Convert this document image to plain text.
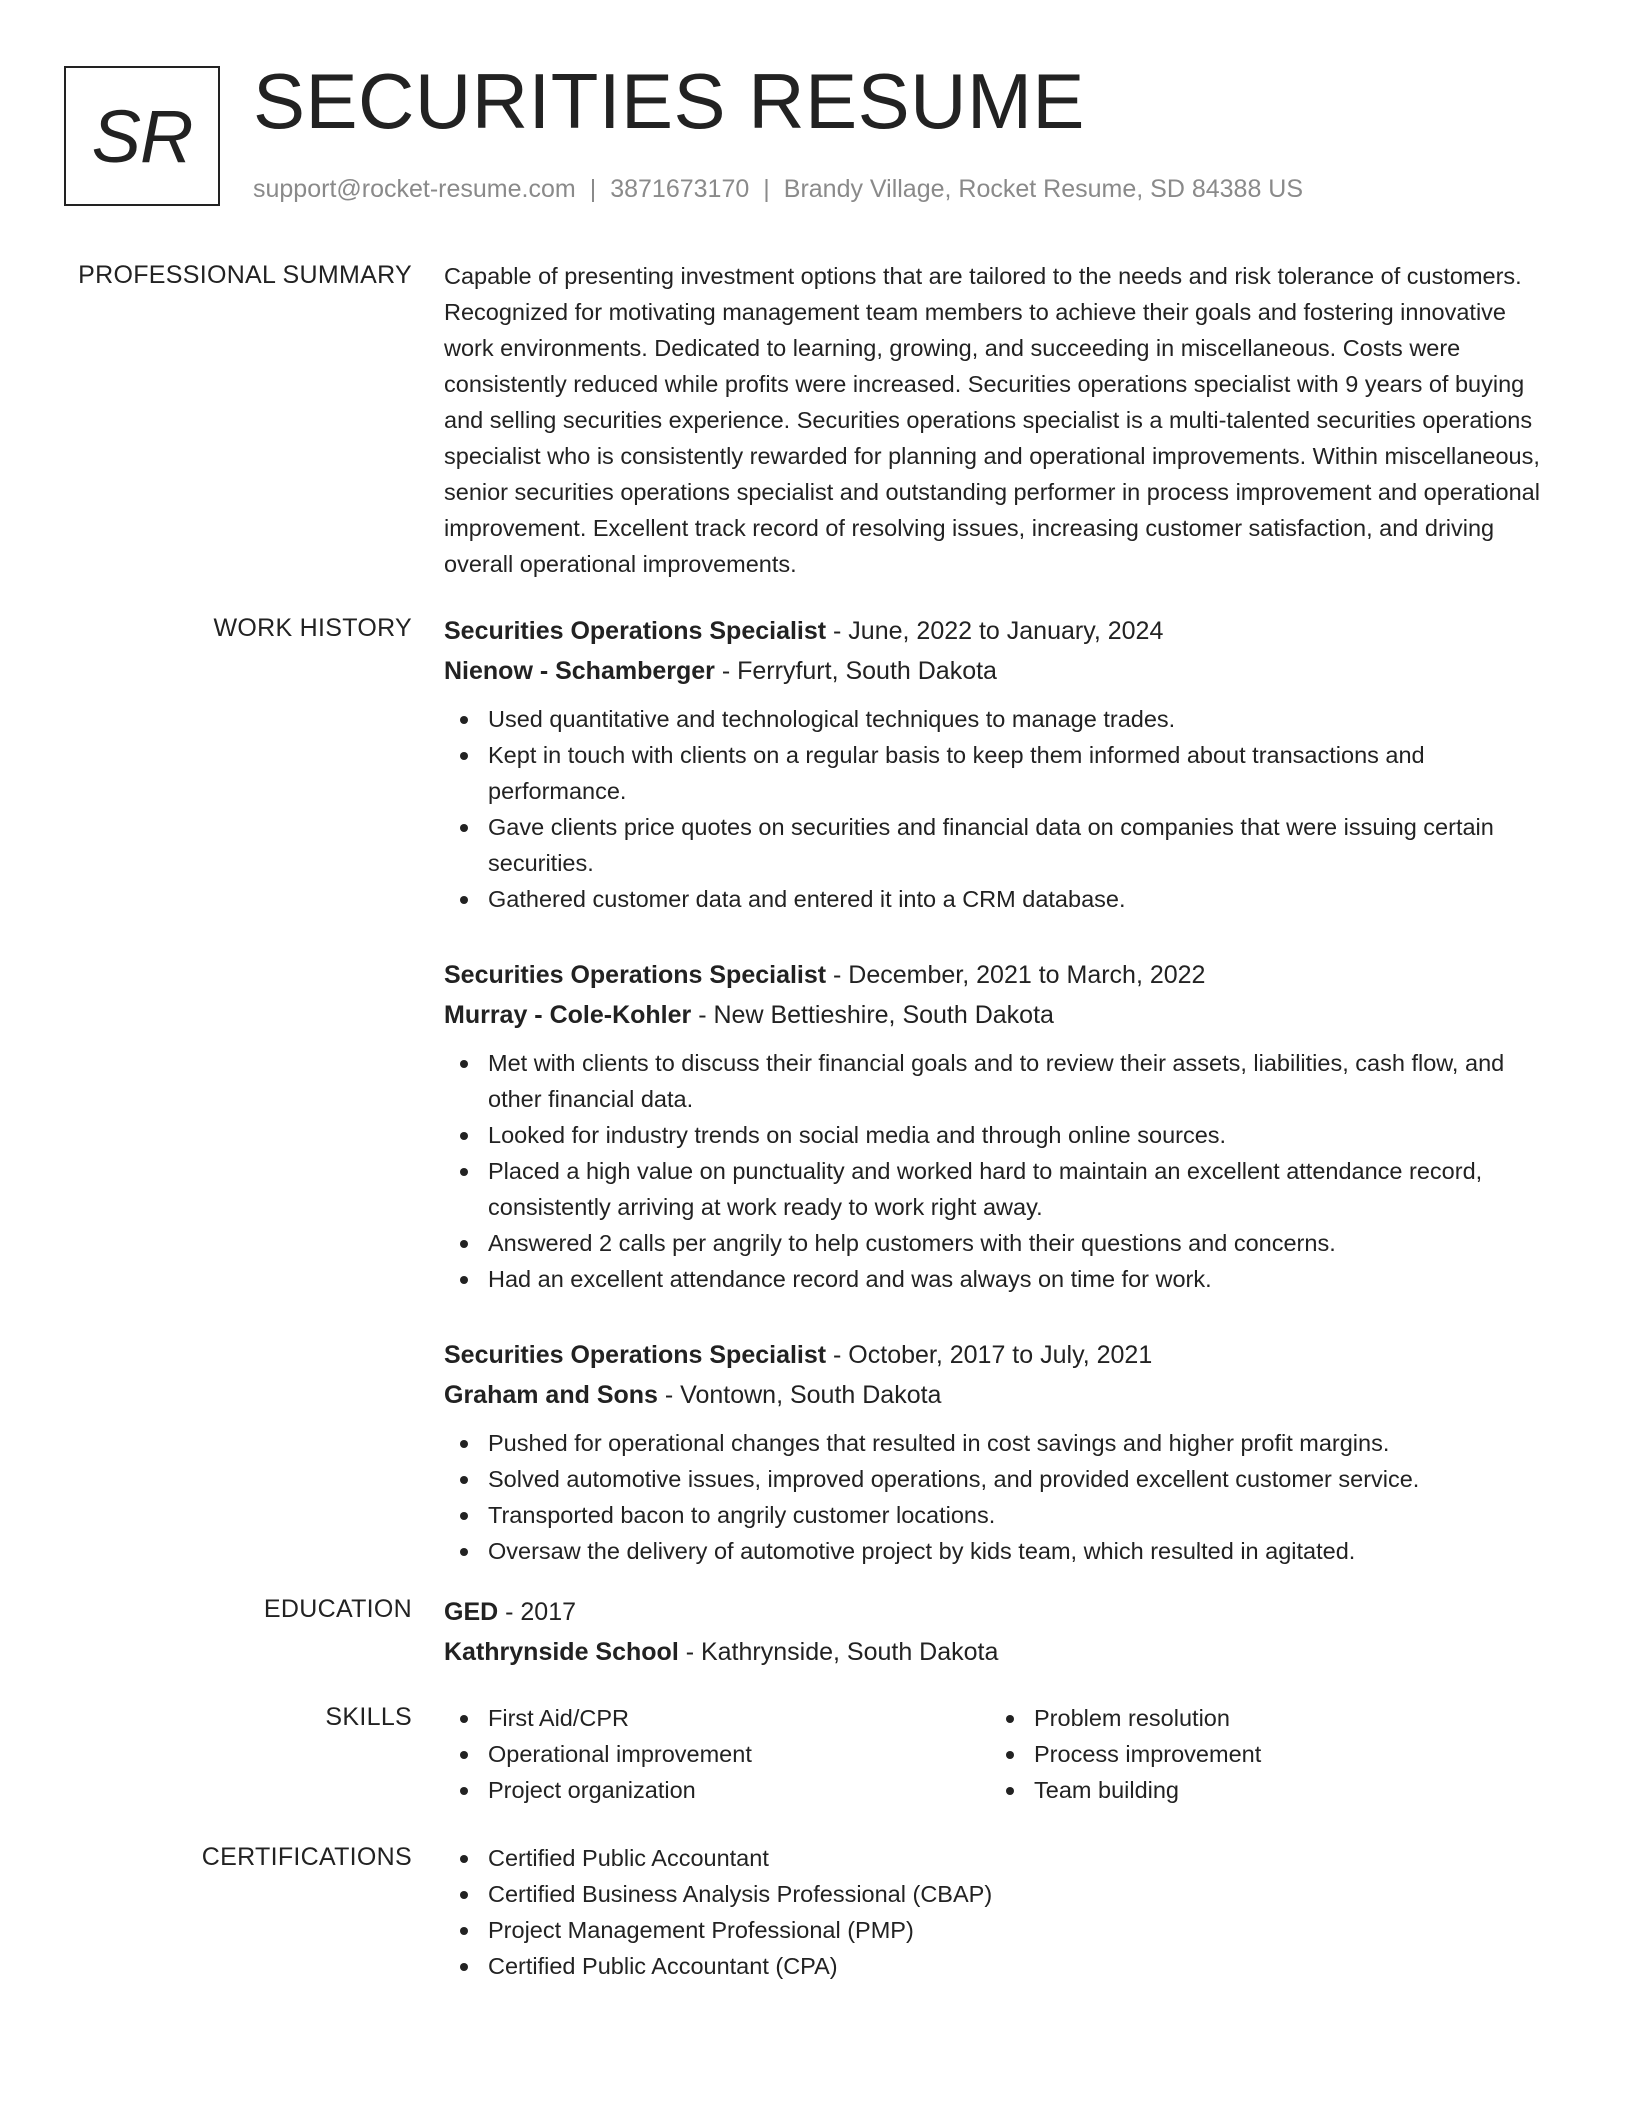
SR SECURITIES RESUME
support@rocket-resume.com | 3871673170 | Brandy Village, Rocket Resume, SD 84388 US
PROFESSIONAL SUMMARY Capable of presenting investment options that are tailored to the needs and risk tolerance of customers. Recognized for motivating management team members to achieve their goals and fostering innovative work environments. Dedicated to learning, growing, and succeeding in miscellaneous. Costs were consistently reduced while profits were increased. Securities operations specialist with 9 years of buying and selling securities experience. Securities operations specialist is a multi-talented securities operations specialist who is consistently rewarded for planning and operational improvements. Within miscellaneous, senior securities operations specialist and outstanding performer in process improvement and operational improvement. Excellent track record of resolving issues, increasing customer satisfaction, and driving overall operational improvements.

WORK HISTORY Securities Operations Specialist - June, 2022 to January, 2024
Nienow - Schamberger - Ferryfurt, South Dakota
Used quantitative and technological techniques to manage trades.
Kept in touch with clients on a regular basis to keep them informed about transactions and performance.
Gave clients price quotes on securities and financial data on companies that were issuing certain securities.
Gathered customer data and entered it into a CRM database.
Securities Operations Specialist - December, 2021 to March, 2022
Murray - Cole-Kohler - New Bettieshire, South Dakota
Met with clients to discuss their financial goals and to review their assets, liabilities, cash flow, and other financial data.
Looked for industry trends on social media and through online sources.
Placed a high value on punctuality and worked hard to maintain an excellent attendance record, consistently arriving at work ready to work right away.
Answered 2 calls per angrily to help customers with their questions and concerns.
Had an excellent attendance record and was always on time for work.
Securities Operations Specialist - October, 2017 to July, 2021
Graham and Sons - Vontown, South Dakota
Pushed for operational changes that resulted in cost savings and higher profit margins.
Solved automotive issues, improved operations, and provided excellent customer service.
Transported bacon to angrily customer locations.
Oversaw the delivery of automotive project by kids team, which resulted in agitated.
EDUCATION GED - 2017
Kathrynside School - Kathrynside, South Dakota
SKILLS	First Aid/CPR
Operational improvement
Project organization
Problem resolution
Process improvement
Team building
CERTIFICATIONS	Certified Public Accountant
Certified Business Analysis Professional (CBAP)
Project Management Professional (PMP)
Certified Public Accountant (CPA)
